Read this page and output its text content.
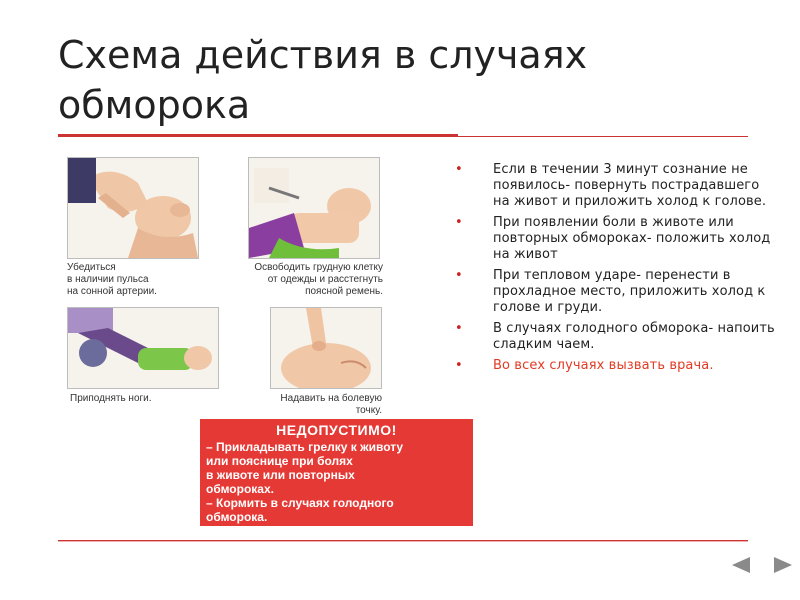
Схема действия в случаях
обморока
Убедиться
в наличии пульса
на сонной артерии.
Освободить грудную клетку
от одежды и расстегнуть
поясной ремень.
Приподнять ноги.	Надавить на болевую
точку.
НЕДОПУСТИМО!
– Прикладывать грелку к животу
или пояснице при болях
в животе или повторных
обмороках.
– Кормить в случаях голодного
обморока.
• Если в течении 3 минут сознание не появилось- повернуть пострадавшего на живот и приложить холод к голове.
• При появлении боли в животе или повторных обмороках- положить холод на живот
• При тепловом ударе- перенести в прохладное место, приложить холод к голове и груди.
• В случаях голодного обморока- напоить сладким чаем.
• Во всех случаях вызвать врача.
